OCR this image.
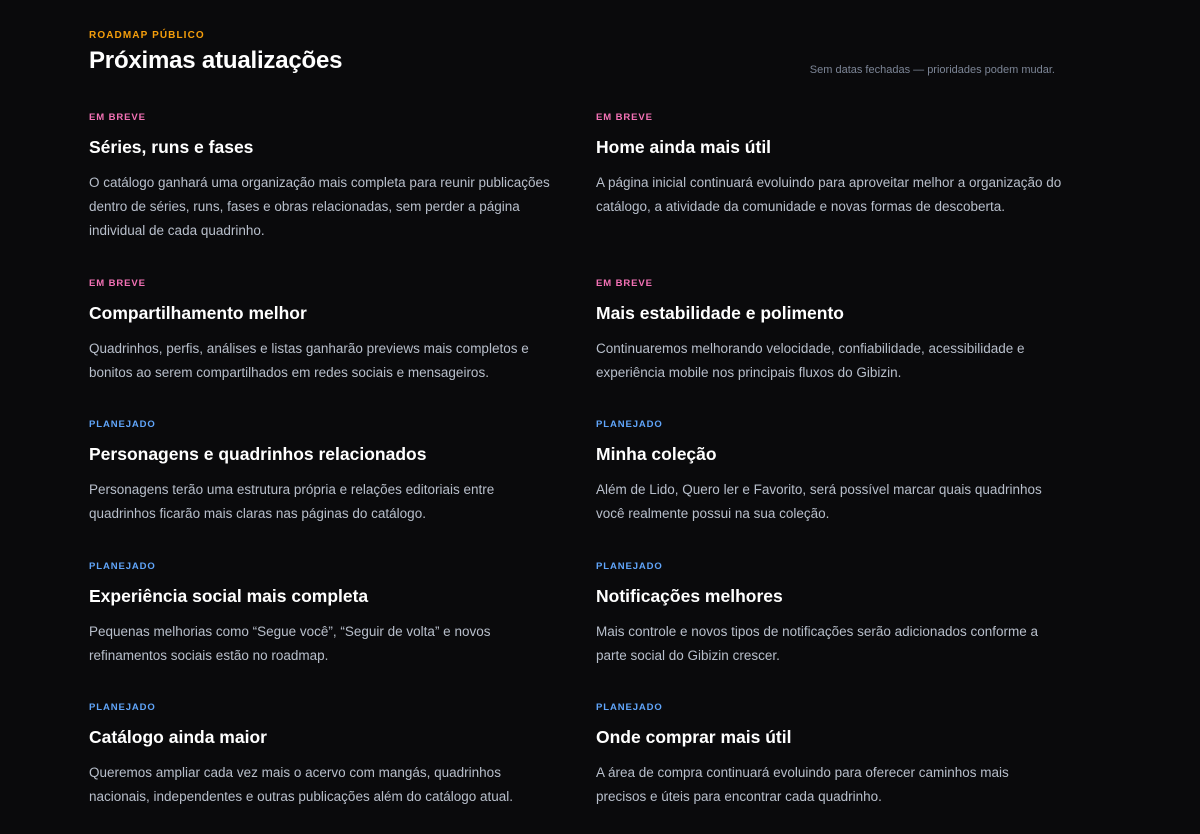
ROADMAP PÚBLICO
Próximas atualizações	Sem datas fechadas — prioridades podem mudar.
EM BREVE
Séries, runs e fases

O catálogo ganhará uma organização mais completa para reunir publicações dentro de séries, runs, fases e obras relacionadas, sem perder a página individual de cada quadrinho.

EM BREVE
Home ainda mais útil

A página inicial continuará evoluindo para aproveitar melhor a organização do catálogo, a atividade da comunidade e novas formas de descoberta.

EM BREVE
Compartilhamento melhor

Quadrinhos, perfis, análises e listas ganharão previews mais completos e bonitos ao serem compartilhados em redes sociais e mensageiros.

EM BREVE
Mais estabilidade e polimento

Continuaremos melhorando velocidade, confiabilidade, acessibilidade e experiência mobile nos principais fluxos do Gibizin.

PLANEJADO
Personagens e quadrinhos relacionados

Personagens terão uma estrutura própria e relações editoriais entre quadrinhos ficarão mais claras nas páginas do catálogo.

PLANEJADO
Minha coleção

Além de Lido, Quero ler e Favorito, será possível marcar quais quadrinhos você realmente possui na sua coleção.

PLANEJADO
Experiência social mais completa

Pequenas melhorias como “Segue você”, “Seguir de volta” e novos refinamentos sociais estão no roadmap.

PLANEJADO
Notificações melhores

Mais controle e novos tipos de notificações serão adicionados conforme a parte social do Gibizin crescer.

PLANEJADO
Catálogo ainda maior

Queremos ampliar cada vez mais o acervo com mangás, quadrinhos nacionais, independentes e outras publicações além do catálogo atual.

PLANEJADO
Onde comprar mais útil

A área de compra continuará evoluindo para oferecer caminhos mais precisos e úteis para encontrar cada quadrinho.
